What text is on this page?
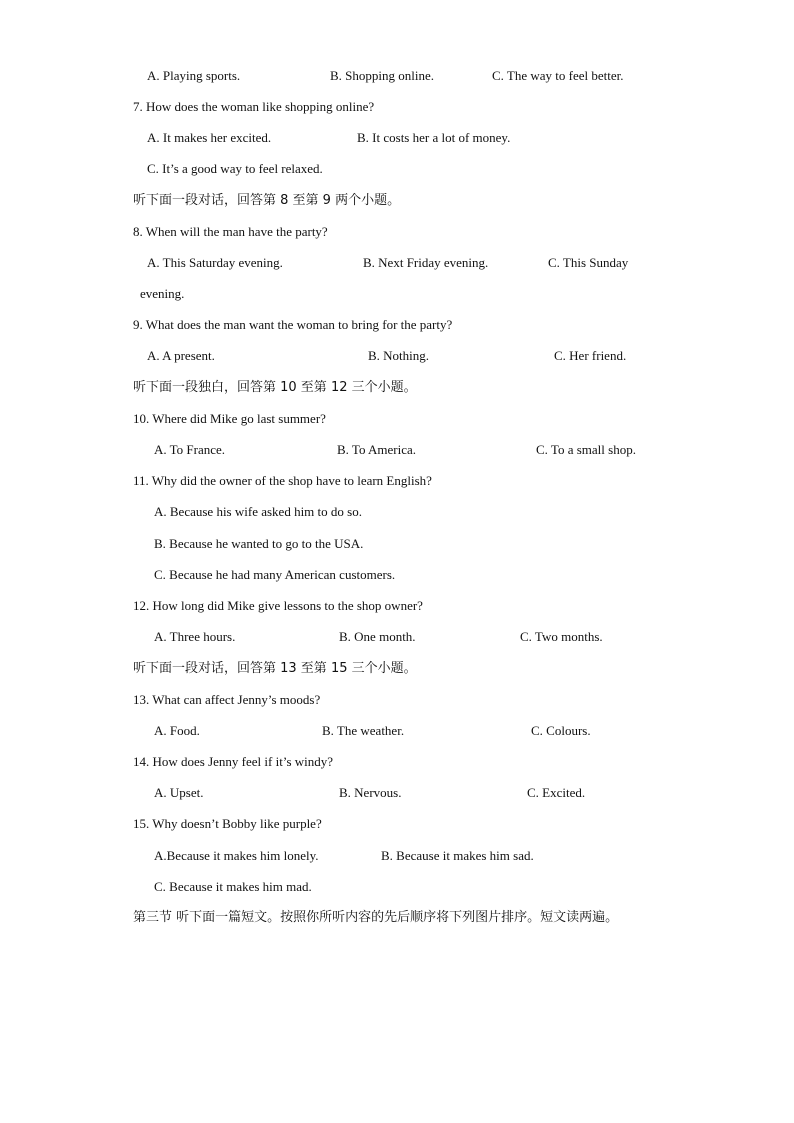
A. Playing sports.	B. Shopping online.	C. The way to feel better.
7. How does the woman like shopping online?
A. It makes her excited.	B. It costs her a lot of money.
C. It’s a good way to feel relaxed.
听下面一段对话，回答第 8 至第 9 两个小题。
8. When will the man have the party?
A. This Saturday evening.	B. Next Friday evening.	C. This Sunday
evening.
9. What does the man want the woman to bring for the party?
A. A present.	B. Nothing.	C. Her friend.
听下面一段独白，回答第 10 至第 12 三个小题。
10. Where did Mike go last summer?
A. To France.	B. To America.	C. To a small shop.
11. Why did the owner of the shop have to learn English?
A. Because his wife asked him to do so.
B. Because he wanted to go to the USA.
C. Because he had many American customers.
12. How long did Mike give lessons to the shop owner?
A. Three hours.	B. One month.	C. Two months.
听下面一段对话，回答第 13 至第 15 三个小题。
13. What can affect Jenny’s moods?
A. Food.	B. The weather.	C. Colours.
14. How does Jenny feel if it’s windy?
A. Upset.	B. Nervous.	C. Excited.
15. Why doesn’t Bobby like purple?
A.Because it makes him lonely.	B. Because it makes him sad.
C. Because it makes him mad.
第三节 听下面一篇短文。按照你所听内容的先后顺序将下列图片排序。短文读两遍。
